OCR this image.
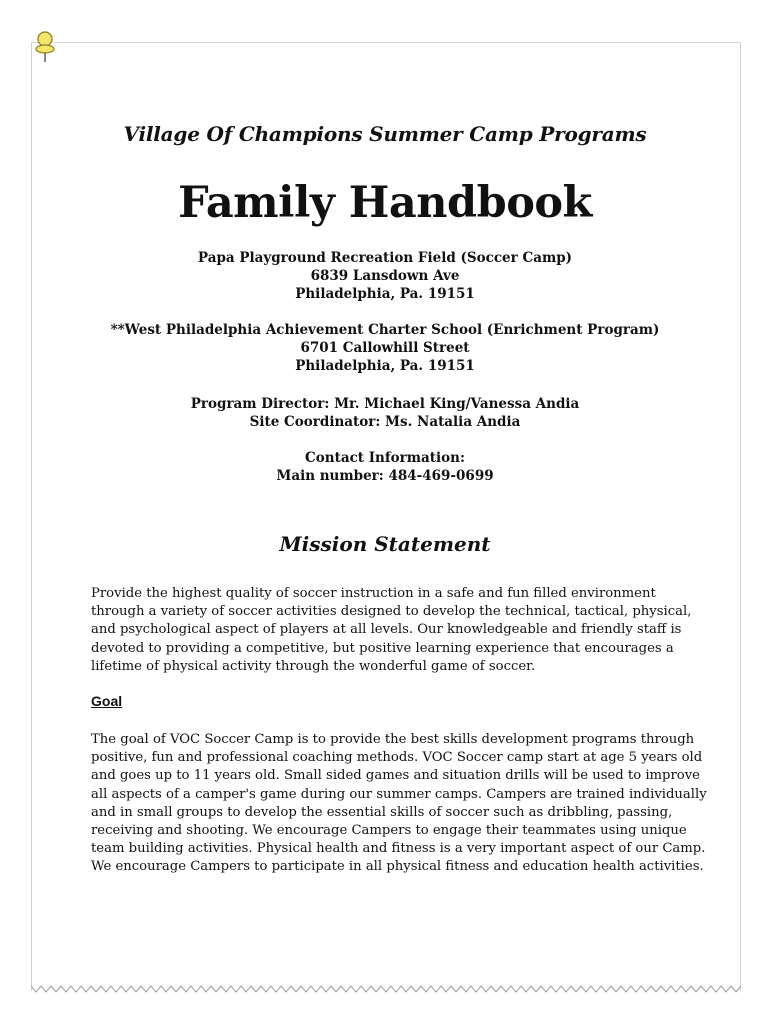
Village Of Champions Summer Camp Programs
Family Handbook
Papa Playground Recreation Field (Soccer Camp)
6839 Lansdown Ave
Philadelphia, Pa. 19151
**West Philadelphia Achievement Charter School (Enrichment Program)
6701 Callowhill Street
Philadelphia, Pa. 19151
Program Director: Mr. Michael King/Vanessa Andia
Site Coordinator: Ms. Natalia Andia
Contact Information:
Main number: 484-469-0699
Mission Statement
Provide the highest quality of soccer instruction in a safe and fun filled environment
through a variety of soccer activities designed to develop the technical, tactical, physical,
and psychological aspect of players at all levels. Our knowledgeable and friendly staff is
devoted to providing a competitive, but positive learning experience that encourages a
lifetime of physical activity through the wonderful game of soccer.
Goal
The goal of VOC Soccer Camp is to provide the best skills development programs through
positive, fun and professional coaching methods. VOC Soccer camp start at age 5 years old
and goes up to 11 years old. Small sided games and situation drills will be used to improve
all aspects of a camper's game during our summer camps. Campers are trained individually
and in small groups to develop the essential skills of soccer such as dribbling, passing,
receiving and shooting. We encourage Campers to engage their teammates using unique
team building activities. Physical health and fitness is a very important aspect of our Camp.
We encourage Campers to participate in all physical fitness and education health activities.
